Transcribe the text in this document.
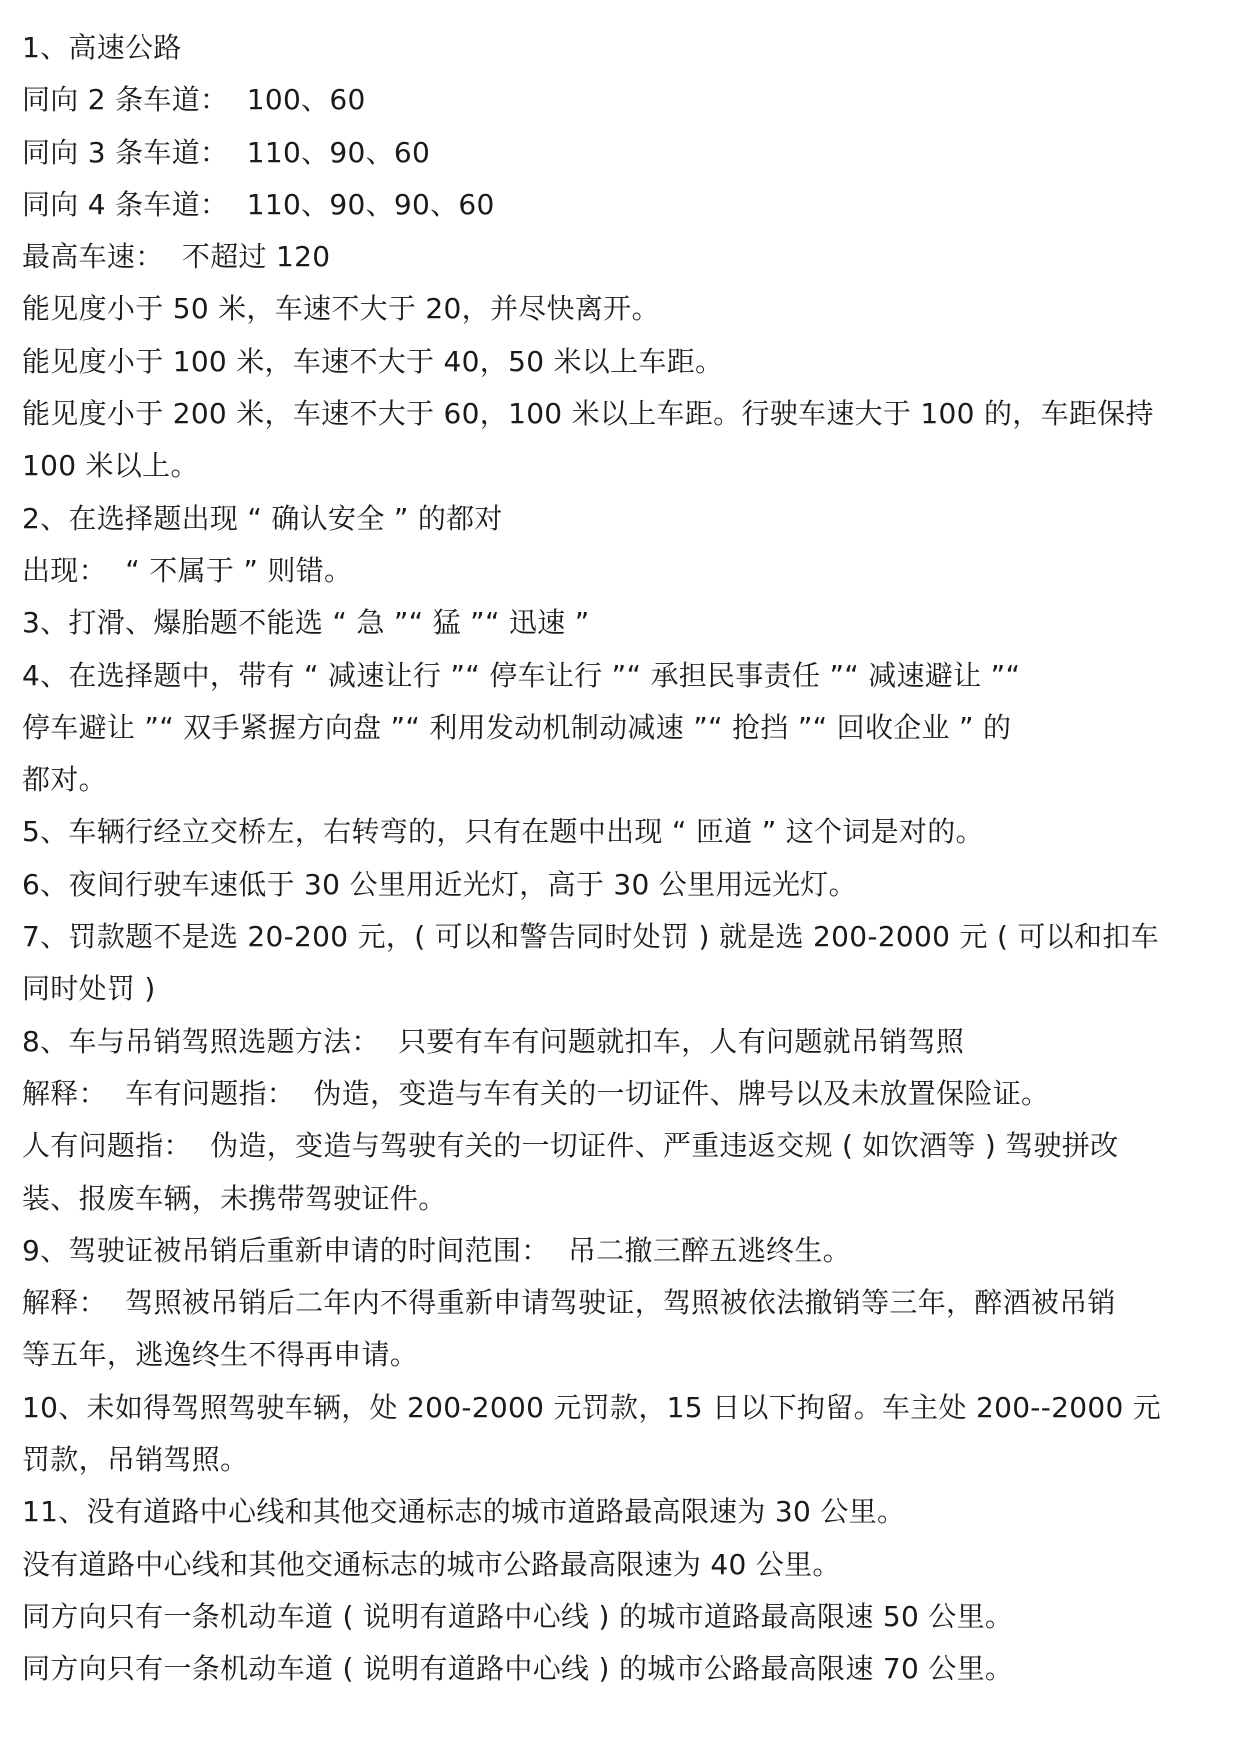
1、高速公路

同向 2 条车道：  100、60

同向 3 条车道：  110、90、60

同向 4 条车道：  110、90、90、60

最高车速：  不超过 120

能见度小于 50 米，车速不大于 20，并尽快离开。

能见度小于 100 米，车速不大于 40，50 米以上车距。

能见度小于 200 米，车速不大于 60，100 米以上车距。行驶车速大于 100 的，车距保持

100 米以上。

2、在选择题出现 “ 确认安全 ” 的都对

出现：  “ 不属于 ” 则错。

3、打滑、爆胎题不能选 “ 急 ”“ 猛 ”“ 迅速 ”

4、在选择题中，带有 “ 减速让行 ”“ 停车让行 ”“ 承担民事责任 ”“ 减速避让 ”“

停车避让 ”“ 双手紧握方向盘 ”“ 利用发动机制动减速 ”“ 抢挡 ”“ 回收企业 ” 的

都对。

5、车辆行经立交桥左，右转弯的，只有在题中出现 “ 匝道 ” 这个词是对的。

6、夜间行驶车速低于 30 公里用近光灯，高于 30 公里用远光灯。

7、罚款题不是选 20-200 元，( 可以和警告同时处罚 ) 就是选 200-2000 元 ( 可以和扣车

同时处罚 )

8、车与吊销驾照选题方法：  只要有车有问题就扣车，人有问题就吊销驾照

解释：  车有问题指：  伪造，变造与车有关的一切证件、牌号以及未放置保险证。

人有问题指：  伪造，变造与驾驶有关的一切证件、严重违返交规 ( 如饮酒等 ) 驾驶拼改

装、报废车辆，未携带驾驶证件。

9、驾驶证被吊销后重新申请的时间范围：  吊二撤三醉五逃终生。

解释：  驾照被吊销后二年内不得重新申请驾驶证，驾照被依法撤销等三年，醉酒被吊销

等五年，逃逸终生不得再申请。

10、未如得驾照驾驶车辆，处 200-2000 元罚款，15 日以下拘留。车主处 200--2000 元

罚款，吊销驾照。

11、没有道路中心线和其他交通标志的城市道路最高限速为 30 公里。

没有道路中心线和其他交通标志的城市公路最高限速为 40 公里。

同方向只有一条机动车道 ( 说明有道路中心线 ) 的城市道路最高限速 50 公里。

同方向只有一条机动车道 ( 说明有道路中心线 ) 的城市公路最高限速 70 公里。
